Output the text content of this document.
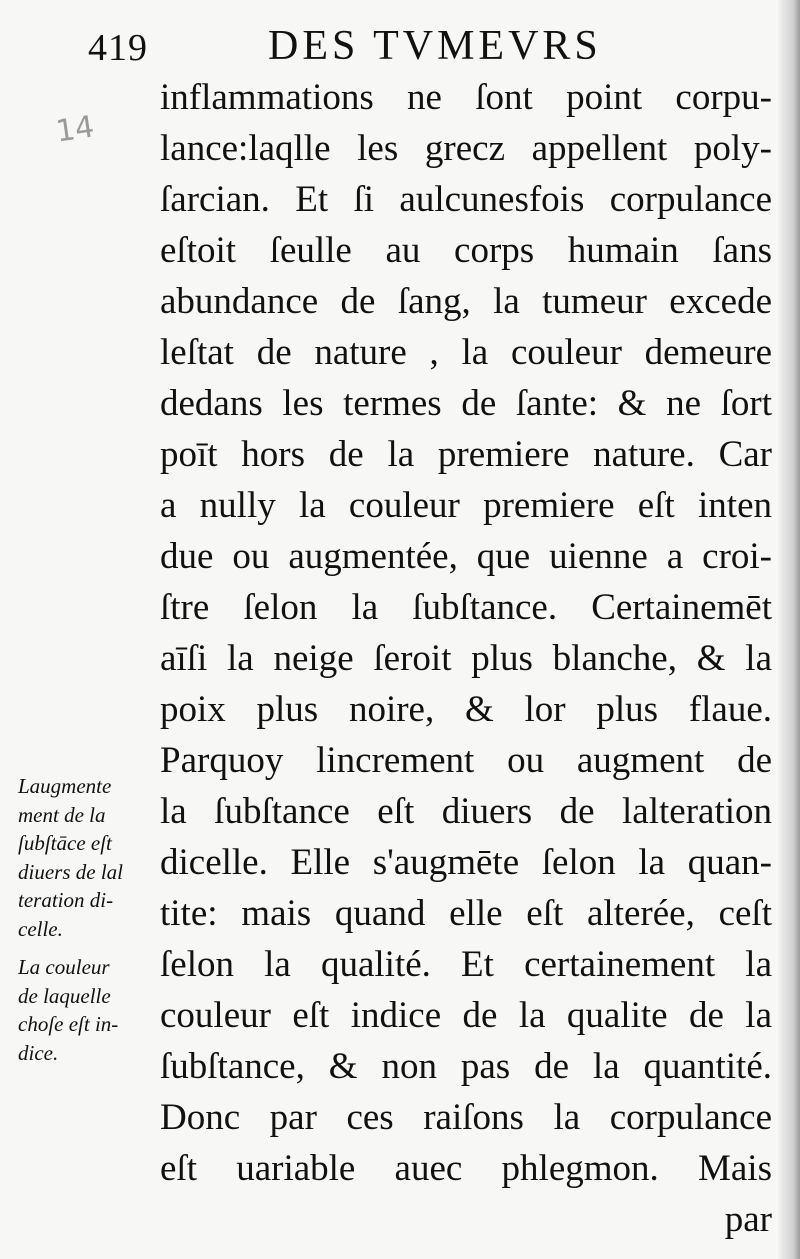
419	DES TVMEVRS
14
inflammations ne ſont point corpu-
lance:laqlle les grecz appellent poly-
ſarcian. Et ſi aulcunesfois corpulance
eſtoit ſeulle au corps humain ſans
abundance de ſang, la tumeur excede
leſtat de nature , la couleur demeure
dedans les termes de ſante: & ne ſort
poīt hors de la premiere nature. Car
a nully la couleur premiere eſt inten
due ou augmentée, que uienne a croi-
ſtre ſelon la ſubſtance. Certainemēt
aīſi la neige ſeroit plus blanche, & la
poix plus noire, & lor plus flaue.
Parquoy lincrement ou augment de
la ſubſtance eſt diuers de lalteration
dicelle. Elle s'augmēte ſelon la quan-
tite: mais quand elle eſt alterée, ceſt
ſelon la qualité. Et certainement la
couleur eſt indice de la qualite de la
ſubſtance, & non pas de la quantité.
Donc par ces raiſons la corpulance
eſt uariable auec phlegmon. Mais
par
Laugmente
ment de la
ſubſtāce eſt
diuers de lal
teration di-
celle.
La couleur
de laquelle
choſe eſt in-
dice.
